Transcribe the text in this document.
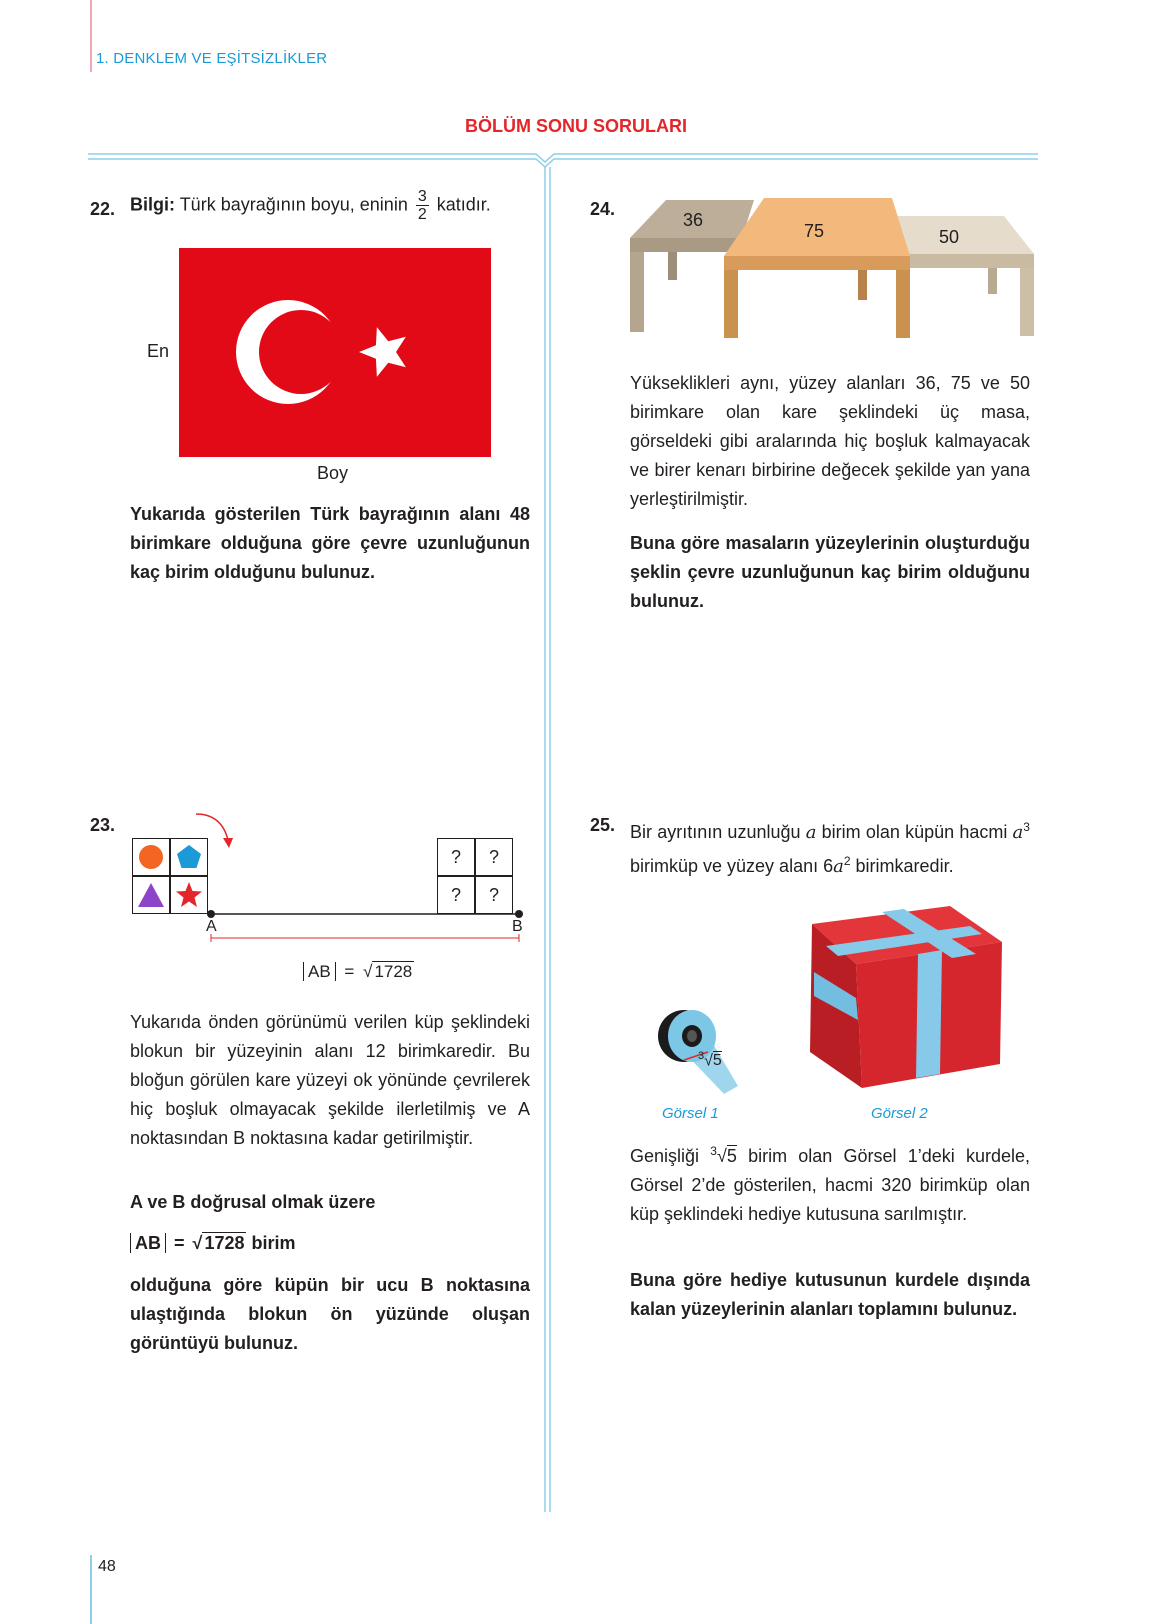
1. DENKLEM VE EŞİTSİZLİKLER
BÖLÜM SONU SORULARI
22. Bilgi: Türk bayrağının boyu, eninin $\frac{3}{2}$ katıdır.
En
Boy
Yukarıda gösterilen Türk bayrağının alanı 48 birimkare olduğuna göre çevre uzunluğunun kaç birim olduğunu bulunuz.
23.
?	?
?	?
A	B
AB = √ 1728
Yukarıda önden görünümü verilen küp şeklindeki blokun bir yüzeyinin alanı 12 birimkaredir. Bu bloğun görülen kare yüzeyi ok yönünde çevrilerek hiç boşluk olmayacak şekilde ilerletilmiş ve A noktasından B noktasına kadar getirilmiştir.
A ve B doğrusal olmak üzere
AB = √ 1728 birim
olduğuna göre küpün bir ucu B noktasına ulaştığında blokun ön yüzünde oluşan görüntüyü bulunuz.
24.
36
75	50
Yükseklikleri aynı, yüzey alanları 36, 75 ve 50 birimkare olan kare şeklindeki üç masa, görseldeki gibi aralarında hiç boşluk kalmayacak ve birer kenarı birbirine değecek şekilde yan yana yerleştirilmiştir.
Buna göre masaların yüzeylerinin oluşturduğu şeklin çevre uzunluğunun kaç birim olduğunu bulunuz.
25. Bir ayrıtının uzunluğu a birim olan küpün hacmi $a^3$ birimküp ve yüzey alanı $6a^2$ birimkaredir.
$^3$√5
Görsel 1	Görsel 2
Genişliği $^3$√5 birim olan Görsel 1’deki kurdele, Görsel 2’de gösterilen, hacmi 320 birimküp olan küp şeklindeki hediye kutusuna sarılmıştır.
Buna göre hediye kutusunun kurdele dışında kalan yüzeylerinin alanları toplamını bulunuz.
48
